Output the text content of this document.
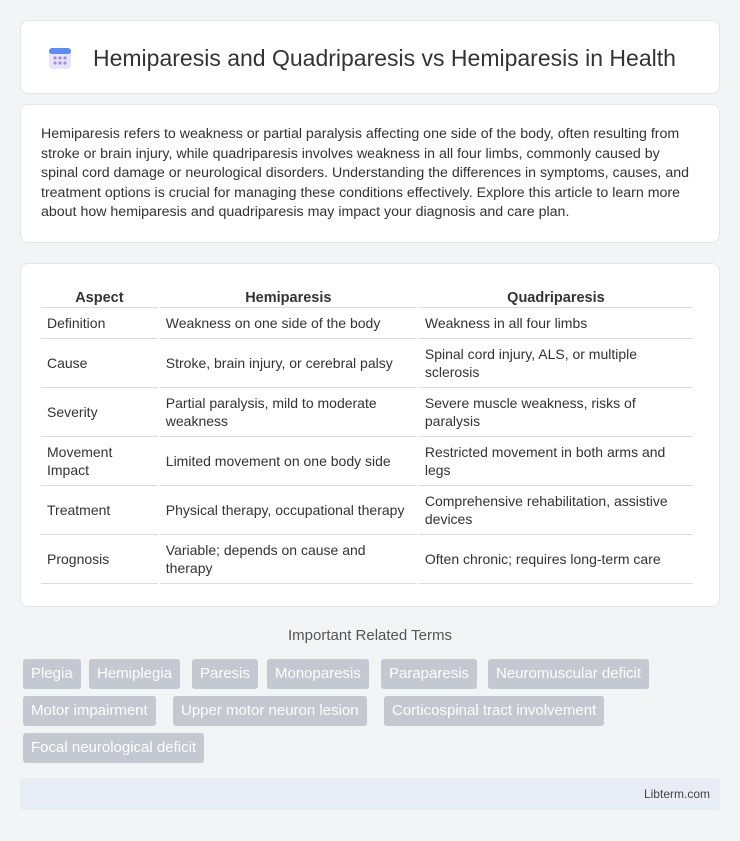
Hemiparesis and Quadriparesis vs Hemiparesis in Health

Hemiparesis refers to weakness or partial paralysis affecting one side of the body, often resulting from stroke or brain injury, while quadriparesis involves weakness in all four limbs, commonly caused by spinal cord damage or neurological disorders. Understanding the differences in symptoms, causes, and treatment options is crucial for managing these conditions effectively. Explore this article to learn more about how hemiparesis and quadriparesis may impact your diagnosis and care plan.

Aspect	Hemiparesis	Quadriparesis
Definition	Weakness on one side of the body	Weakness in all four limbs
Cause	Stroke, brain injury, or cerebral palsy	Spinal cord injury, ALS, or multiple sclerosis
Severity	Partial paralysis, mild to moderate weakness	Severe muscle weakness, risks of paralysis
Movement Impact	Limited movement on one body side	Restricted movement in both arms and legs
Treatment	Physical therapy, occupational therapy	Comprehensive rehabilitation, assistive devices
Prognosis	Variable; depends on cause and therapy	Often chronic; requires long-term care
Important Related Terms
Plegia	Hemiplegia	Paresis	Monoparesis	Paraparesis	Neuromuscular deficit
Motor impairment	Upper motor neuron lesion	Corticospinal tract involvement
Focal neurological deficit
Libterm.com
